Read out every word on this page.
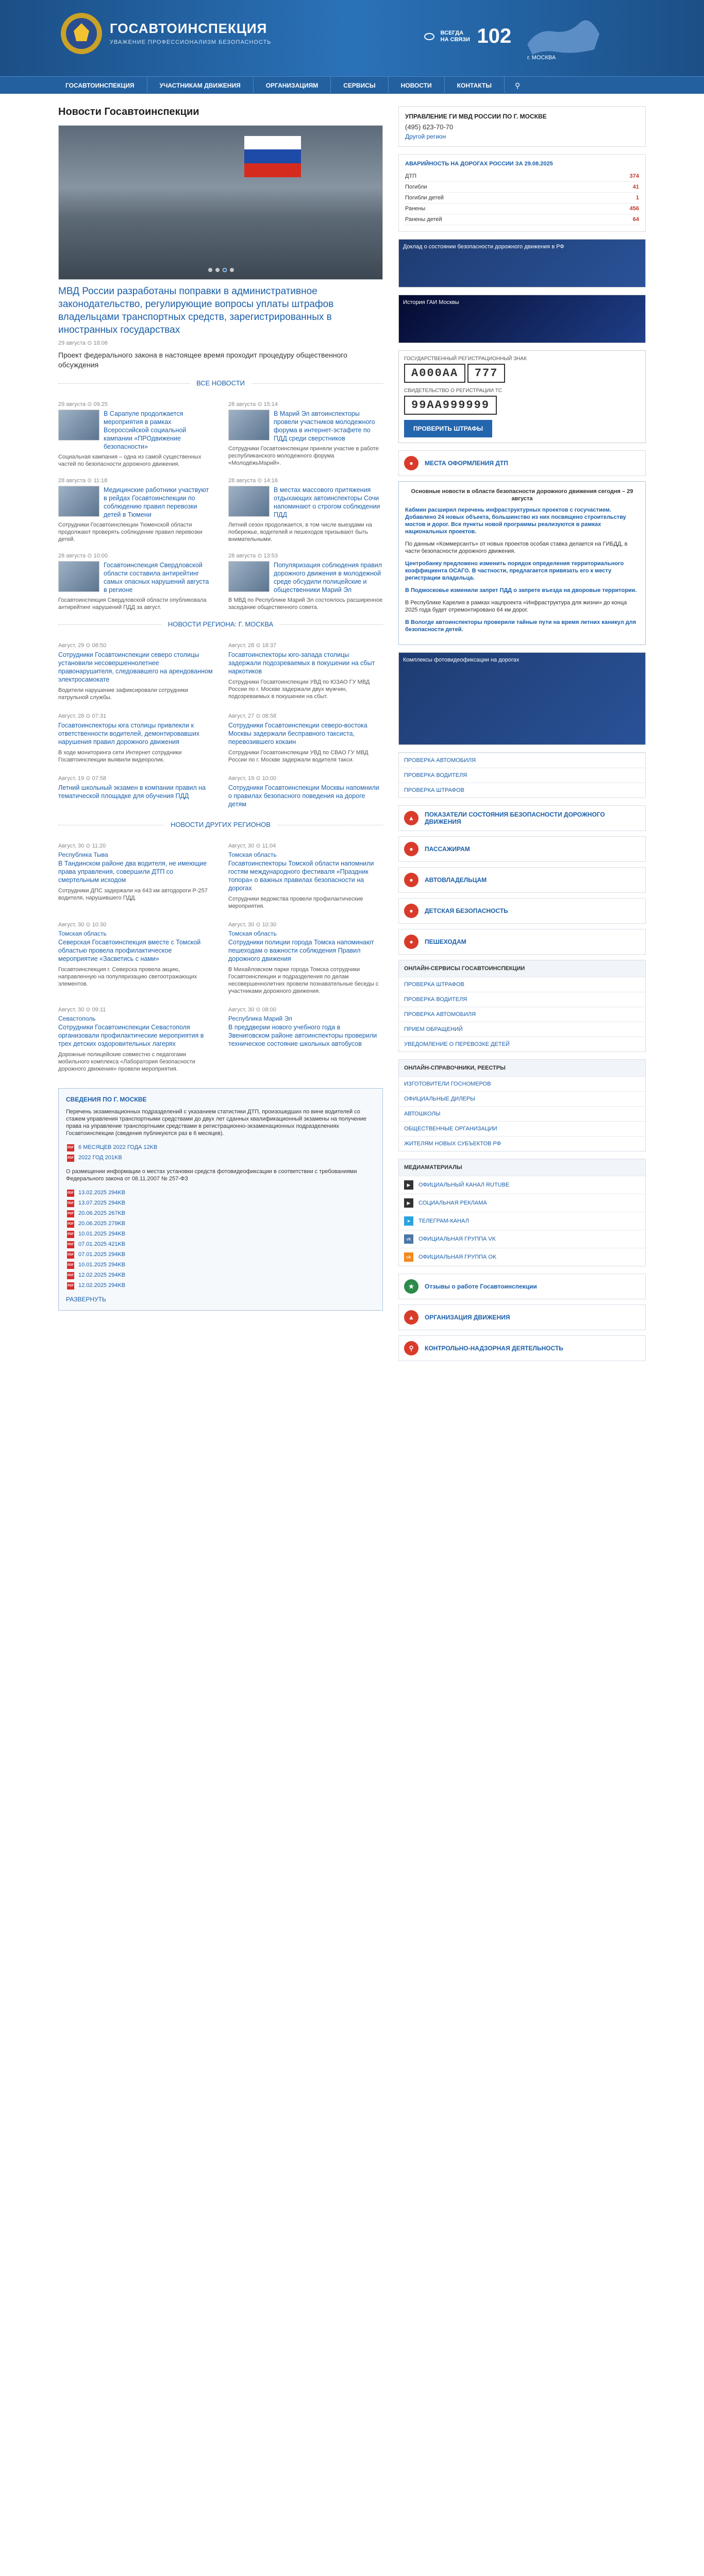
ГОСАВТОИНСПЕКЦИЯ
УВАЖЕНИЕ ПРОФЕССИОНАЛИЗМ БЕЗОПАСНОСТЬ
ВСЕГДА
НА СВЯЗИ 102
г. МОСКВА
ГОСАВТОИНСПЕКЦИЯ	УЧАСТНИКАМ ДВИЖЕНИЯ	ОРГАНИЗАЦИЯМ	СЕРВИСЫ	НОВОСТИ	КОНТАКТЫ	⚲
Новости Госавтоинспекции
МВД России разработаны поправки в административное законодательство, регулирующие вопросы уплаты штрафов владельцами транспортных средств, зарегистрированных в иностранных государствах
29 августа ⊙ 18:06
Проект федерального закона в настоящее время проходит процедуру общественного обсуждения
ВСЕ НОВОСТИ
29 августа ⊙ 09:25
В Сарапуле продолжается мероприятия в рамках Всероссийской социальной кампании «ПРОдвижение безопасности»
Социальная кампания – одна из самой существенных частей по безопасности дорожного движения.
28 августа ⊙ 15:14
В Марий Эл автоинспекторы провели участников молодежного форума в интернет-эстафете по ПДД среди сверстников
Сотрудники Госавтоинспекции приняли участие в работе республиканского молодежного форума «МолодёжьМарий».
28 августа ⊙ 11:18
Медицинские работники участвуют в рейдах Госавтоинспекции по соблюдению правил перевозки детей в Тюмени
Сотрудники Госавтоинспекции Тюменской области продолжают проверять соблюдение правил перевозки детей.
28 августа ⊙ 14:16
В местах массового притяжения отдыхающих автоинспекторы Сочи напоминают о строгом соблюдении ПДД
Летний сезон продолжается, в том числе выездами на побережье, водителей и пешеходов призывают быть внимательными.
28 августа ⊙ 10:00
Госавтоинспекция Свердловской области составила антирейтинг самых опасных нарушений августа в регионе
Госавтоинспекция Свердловской области опубликовала антирейтинг нарушений ПДД за август.
28 августа ⊙ 13:53
Популяризация соблюдения правил дорожного движения в молодежной среде обсудили полицейские и общественники Марий Эл
В МВД по Республике Марий Эл состоялось расширенное заседание общественного совета.
НОВОСТИ РЕГИОНА: Г. МОСКВА
Август, 29 ⊙ 08:50
Сотрудники Госавтоинспекции северо столицы установили несовершеннолетнее правонарушителя, следовавшего на арендованном электросамокате
Водители нарушение зафиксировали сотрудники патрульной службы.
Август, 28 ⊙ 18:37
Госавтоинспекторы юго-запада столицы задержали подозреваемых в покушении на сбыт наркотиков
Сотрудники Госавтоинспекции УВД по ЮЗАО ГУ МВД России по г. Москве задержали двух мужчин, подозреваемых в покушении на сбыт.
Август, 28 ⊙ 07:31
Госавтоинспекторы юга столицы привлекли к ответственности водителей, демонтировавших нарушения правил дорожного движения
В ходе мониторинга сети Интернет сотрудники Госавтоинспекции выявили видеоролик.
Август, 27 ⊙ 08:58
Сотрудники Госавтоинспекции северо-востока Москвы задержали бесправного таксиста, перевозившего кокаин
Сотрудники Госавтоинспекции УВД по СВАО ГУ МВД России по г. Москве задержали водителя такси.
Август, 19 ⊙ 07:58
Летний школьный экзамен в компании правил на тематической площадке для обучения ПДД
Август, 19 ⊙ 10:00
Сотрудники Госавтоинспекции Москвы напомнили о правилах безопасного поведения на дороге детям
НОВОСТИ ДРУГИХ РЕГИОНОВ
Август, 30 ⊙ 11:20
Республика Тыва
В Тандинском районе два водителя, не имеющие права управления, совершили ДТП со смертельным исходом
Сотрудники ДПС задержали на 643 км автодороги Р-257 водителя, нарушившего ПДД.
Август, 30 ⊙ 11:04
Томская область
Госавтоинспекторы Томской области напомнили гостям международного фестиваля «Праздник топора» о важных правилах безопасности на дорогах
Сотрудники ведомства провели профилактические мероприятия.
Август, 30 ⊙ 10:30
Томская область
Северская Госавтоинспекция вместе с Томской областью провела профилактическое мероприятие «Засветись с нами»
Госавтоинспекция г. Северска провела акцию, направленную на популяризацию светоотражающих элементов.
Август, 30 ⊙ 10:30
Томская область
Сотрудники полиции города Томска напоминают пешеходам о важности соблюдения Правил дорожного движения
В Михайловском парке города Томска сотрудники Госавтоинспекции и подразделения по делам несовершеннолетних провели познавательные беседы с участниками дорожного движения.
Август, 30 ⊙ 09:11
Севастополь
Сотрудники Госавтоинспекции Севастополя организовали профилактические мероприятия в трех детских оздоровительных лагерях
Дорожные полицейские совместно с педагогами мобильного комплекса «Лаборатория безопасности дорожного движения» провели мероприятия.
Август, 30 ⊙ 08:00
Республика Марий Эл
В преддверии нового учебного года в Звениговском районе автоинспекторы проверили техническое состояние школьных автобусов
СВЕДЕНИЯ ПО Г. МОСКВЕ
Перечень экзаменационных подразделений с указанием статистики ДТП, произошедших по вине водителей со стажем управления транспортными средствами до двух лет сданных квалификационный экзамены на получение права на управление транспортными средствами в регистрационно-экзаменационных подразделениях Госавтоинспекции (сведения публикуются раз в 6 месяцев).
PDF 6 МЕСЯЦЕВ 2022 ГОДА 12KB
PDF 2022 ГОД 201KB
О размещении информации о местах установки средств фотовидеофиксации в соответствии с требованиями Федерального закона от 08.11.2007 № 257-ФЗ
PDF 13.02.2025 294KB
PDF 13.07.2025 294KB
PDF 20.06.2025 267KB
PDF 20.06.2025 279KB
PDF 10.01.2025 294KB
PDF 07.01.2025 421KB
PDF 07.01.2025 294KB
PDF 10.01.2025 294KB
PDF 12.02.2025 294KB
PDF 12.02.2025 294KB
РАЗВЕРНУТЬ
УПРАВЛЕНИЕ ГИ МВД РОССИИ ПО Г. МОСКВЕ
(495) 623-70-70
Другой регион
АВАРИЙНОСТЬ НА ДОРОГАХ РОССИИ ЗА 29.08.2025
ДТП	374
Погибли	41
Погибли детей	1
Ранены	456
Ранены детей	64
Доклад о состоянии безопасности дорожного движения в РФ
История ГАИ Москвы
ГОСУДАРСТВЕННЫЙ РЕГИСТРАЦИОННЫЙ ЗНАК
А000АА 777
СВИДЕТЕЛЬСТВО О РЕГИСТРАЦИИ ТС
99АА999999
ПРОВЕРИТЬ ШТРАФЫ
●	МЕСТА ОФОРМЛЕНИЯ ДТП
Основные новости в области безопасности дорожного движения сегодня – 29 августа

Кабмин расширил перечень инфраструктурных проектов с госучастием. Добавлено 24 новых объекта, большинство из них посвящено строительству мостов и дорог. Все пункты новой программы реализуются в рамках национальных проектов.

По данным «Коммерсантъ» от новых проектов особая ставка делается на ГИБДД, в части безопасности дорожного движения.

Центробанку предложено изменить порядок определения территориального коэффициента ОСАГО. В частности, предлагается привязать его к месту регистрации владельца.

В Подмосковье изменили запрет ПДД о запрете въезда на дворовые территории.

В Республике Карелия в рамках нацпроекта «Инфраструктура для жизни» до конца 2025 года будет отремонтировано 64 км дорог.

В Вологде автоинспекторы проверили тайные пути на время летних каникул для безопасности детей.

Комплексы фотовидеофиксации на дорогах
ПРОВЕРКА АВТОМОБИЛЯ
ПРОВЕРКА ВОДИТЕЛЯ
ПРОВЕРКА ШТРАФОВ
▲	ПОКАЗАТЕЛИ СОСТОЯНИЯ БЕЗОПАСНОСТИ ДОРОЖНОГО ДВИЖЕНИЯ
●	ПАССАЖИРАМ
●	АВТОВЛАДЕЛЬЦАМ
●	ДЕТСКАЯ БЕЗОПАСНОСТЬ
●	ПЕШЕХОДАМ
ОНЛАЙН-СЕРВИСЫ ГОСАВТОИНСПЕКЦИИ
ПРОВЕРКА ШТРАФОВ
ПРОВЕРКА ВОДИТЕЛЯ
ПРОВЕРКА АВТОМОБИЛЯ
ПРИЕМ ОБРАЩЕНИЙ
УВЕДОМЛЕНИЕ О ПЕРЕВОЗКЕ ДЕТЕЙ
ОНЛАЙН-СПРАВОЧНИКИ, РЕЕСТРЫ
ИЗГОТОВИТЕЛИ ГОСНОМЕРОВ
ОФИЦИАЛЬНЫЕ ДИЛЕРЫ
АВТОШКОЛЫ
ОБЩЕСТВЕННЫЕ ОРГАНИЗАЦИИ
ЖИТЕЛЯМ НОВЫХ СУБЪЕКТОВ РФ
МЕДИАМАТЕРИАЛЫ
▶	ОФИЦИАЛЬНЫЙ КАНАЛ RUTUBE
▶	СОЦИАЛЬНАЯ РЕКЛАМА
➤	ТЕЛЕГРАМ-КАНАЛ
vk	ОФИЦИАЛЬНАЯ ГРУППА VK
ok	ОФИЦИАЛЬНАЯ ГРУППА OK
★	Отзывы о работе Госавтоинспекции
▲	ОРГАНИЗАЦИЯ ДВИЖЕНИЯ
⚲	КОНТРОЛЬНО-НАДЗОРНАЯ ДЕЯТЕЛЬНОСТЬ
